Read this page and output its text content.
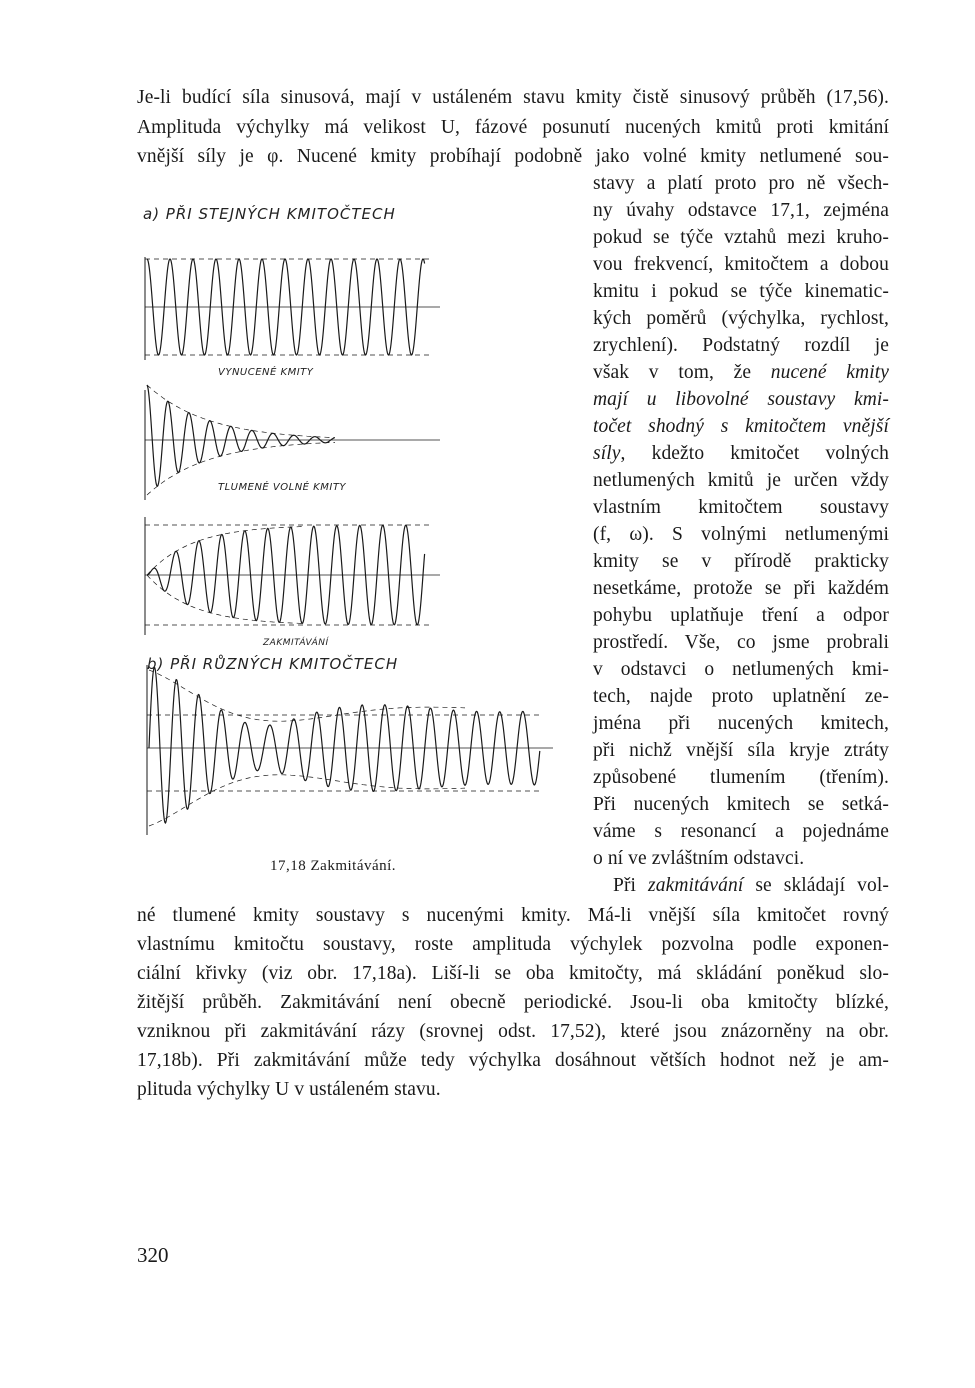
Je-li budící síla sinusová, mají v ustáleném stavu kmity čistě sinusový průběh (17,56).
Amplituda výchylky má velikost U, fázové posunutí nucených kmitů proti kmitání
vnější síly je φ. Nucené kmity probíhají podobně jako volné kmity netlumené sou-
stavy a platí proto pro ně všech-
ny úvahy odstavce 17,1, zejména
pokud se týče vztahů mezi kruho-
vou frekvencí, kmitočtem a dobou
kmitu i pokud se týče kinematic-
kých poměrů (výchylka, rychlost,
zrychlení). Podstatný rozdíl je
však v tom, že nucené kmity
mají u libovolné soustavy kmi-
točet shodný s kmitočtem vnější
síly, kdežto kmitočet volných
netlumených kmitů je určen vždy
vlastním kmitočtem soustavy
(f, ω). S volnými netlumenými
kmity se v přírodě prakticky
nesetkáme, protože se při každém
pohybu uplatňuje tření a odpor
prostředí. Vše, co jsme probrali
v odstavci o netlumených kmi-
tech, najde proto uplatnění ze-
jména při nucených kmitech,
při nichž vnější síla kryje ztráty
způsobené tlumením (třením).
Při nucených kmitech se setká-
váme s resonancí a pojednáme
o ní ve zvláštním odstavci.
Při zakmitávání se skládají vol-
né tlumené kmity soustavy s nucenými kmity. Má-li vnější síla kmitočet rovný
vlastnímu kmitočtu soustavy, roste amplituda výchylek pozvolna podle exponen-
ciální křivky (viz obr. 17,18a). Liší-li se oba kmitočty, má skládání poněkud slo-
žitější průběh. Zakmitávání není obecně periodické. Jsou-li oba kmitočty blízké,
vzniknou při zakmitávání rázy (srovnej odst. 17,52), které jsou znázorněny na obr.
17,18b). Při zakmitávání může tedy výchylka dosáhnout větších hodnot než je am-
plituda výchylky U v ustáleném stavu.
a) PŘI STEJNÝCH KMITOČTECH
VYNUCENÉ KMITY
TLUMENÉ VOLNÉ KMITY
ZAKMITÁVÁNÍ
b) PŘI RŮZNÝCH KMITOČTECH
17,18 Zakmitávání.
320
